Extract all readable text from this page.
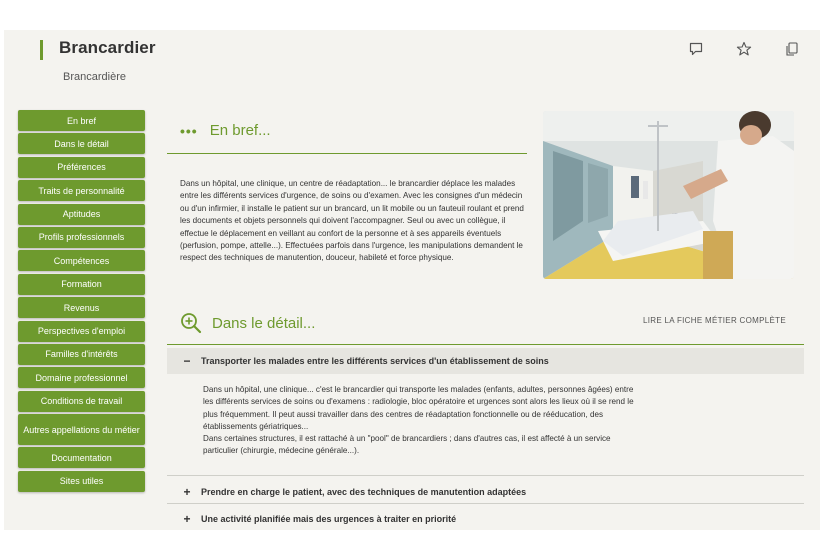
Brancardier
Brancardière
En bref
Dans le détail
Préférences
Traits de personnalité
Aptitudes
Profils professionnels
Compétences
Formation
Revenus
Perspectives d'emploi
Familles d'intérêts
Domaine professionnel
Conditions de travail
Autres appellations du métier
Documentation
Sites utiles
••• En bref...

Dans un hôpital, une clinique, un centre de réadaptation... le brancardier déplace les malades entre les différents services d'urgence, de soins ou d'examen. Avec les consignes d'un médecin ou d'un infirmier, il installe le patient sur un brancard, un lit mobile ou un fauteuil roulant et prend les documents et objets personnels qui doivent l'accompagner. Seul ou avec un collègue, il effectue le déplacement en veillant au confort de la personne et à ses appareils éventuels (perfusion, pompe, attelle...). Effectuées parfois dans l'urgence, les manipulations demandent le respect des techniques de manutention, douceur, habileté et force physique.

Dans le détail...	LIRE LA FICHE MÉTIER COMPLÈTE
−	Transporter les malades entre les différents services d'un établissement de soins

Dans un hôpital, une clinique... c'est le brancardier qui transporte les malades (enfants, adultes, personnes âgées) entre les différents services de soins ou d'examens : radiologie, bloc opératoire et urgences sont alors les lieux où il se rend le plus fréquemment. Il peut aussi travailler dans des centres de réadaptation fonctionnelle ou de rééducation, des établissements gériatriques...

Dans certaines structures, il est rattaché à un "pool" de brancardiers ; dans d'autres cas, il est affecté à un service particulier (chirurgie, médecine générale...).

+	Prendre en charge le patient, avec des techniques de manutention adaptées
+	Une activité planifiée mais des urgences à traiter en priorité
